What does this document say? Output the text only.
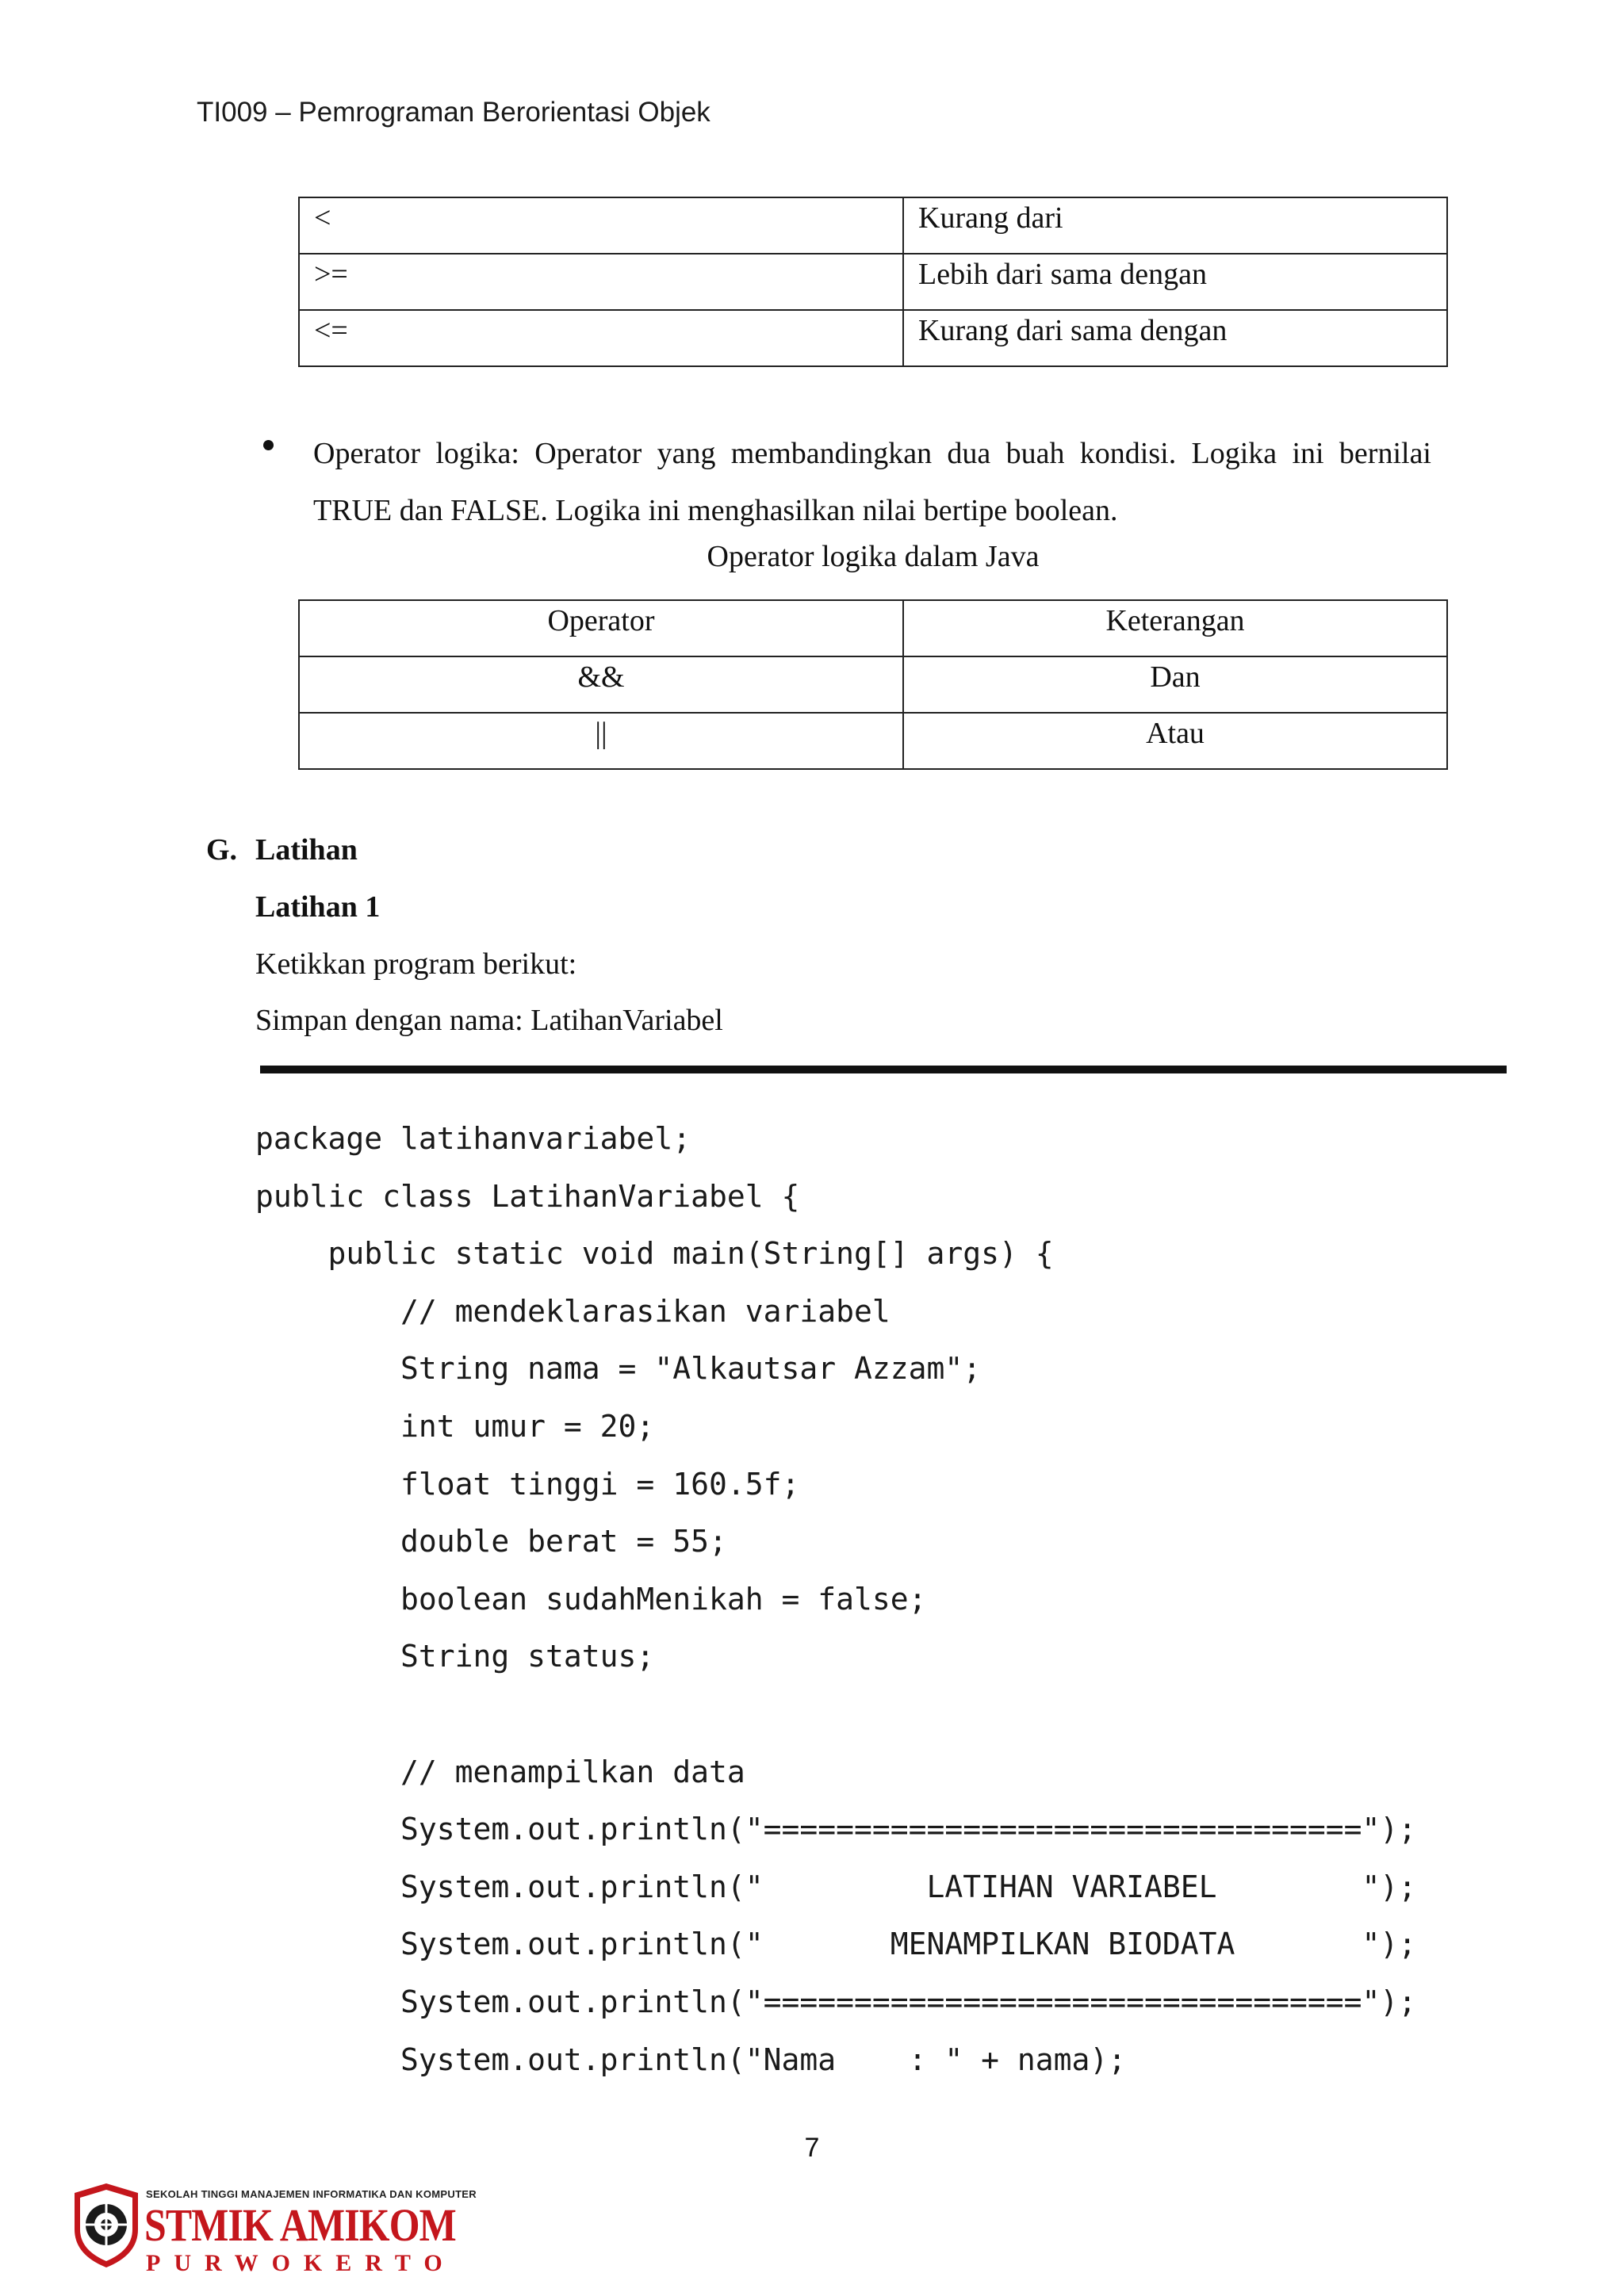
TI009 – Pemrograman Berorientasi Objek
<	Kurang dari
>=	Lebih dari sama dengan
<=	Kurang dari sama dengan
Operator logika: Operator yang membandingkan dua buah kondisi. Logika ini bernilai TRUE dan FALSE. Logika ini menghasilkan nilai bertipe boolean.
Operator logika dalam Java
Operator	Keterangan
&&	Dan
||	Atau
G. Latihan
Latihan 1
Ketikkan program berikut:
Simpan dengan nama: LatihanVariabel
package latihanvariabel;
public class LatihanVariabel {
public static void main(String[] args) {
// mendeklarasikan variabel
String nama = "Alkautsar Azzam";
int umur = 20;
float tinggi = 160.5f;
double berat = 55;
boolean sudahMenikah = false;
String status;
// menampilkan data
System.out.println("=================================");
System.out.println("         LATIHAN VARIABEL        ");
System.out.println("       MENAMPILKAN BIODATA       ");
System.out.println("=================================");
System.out.println("Nama    : " + nama);
7
SEKOLAH TINGGI MANAJEMEN INFORMATIKA DAN KOMPUTER
STMIK AMIKOM
PURWOKERTO
